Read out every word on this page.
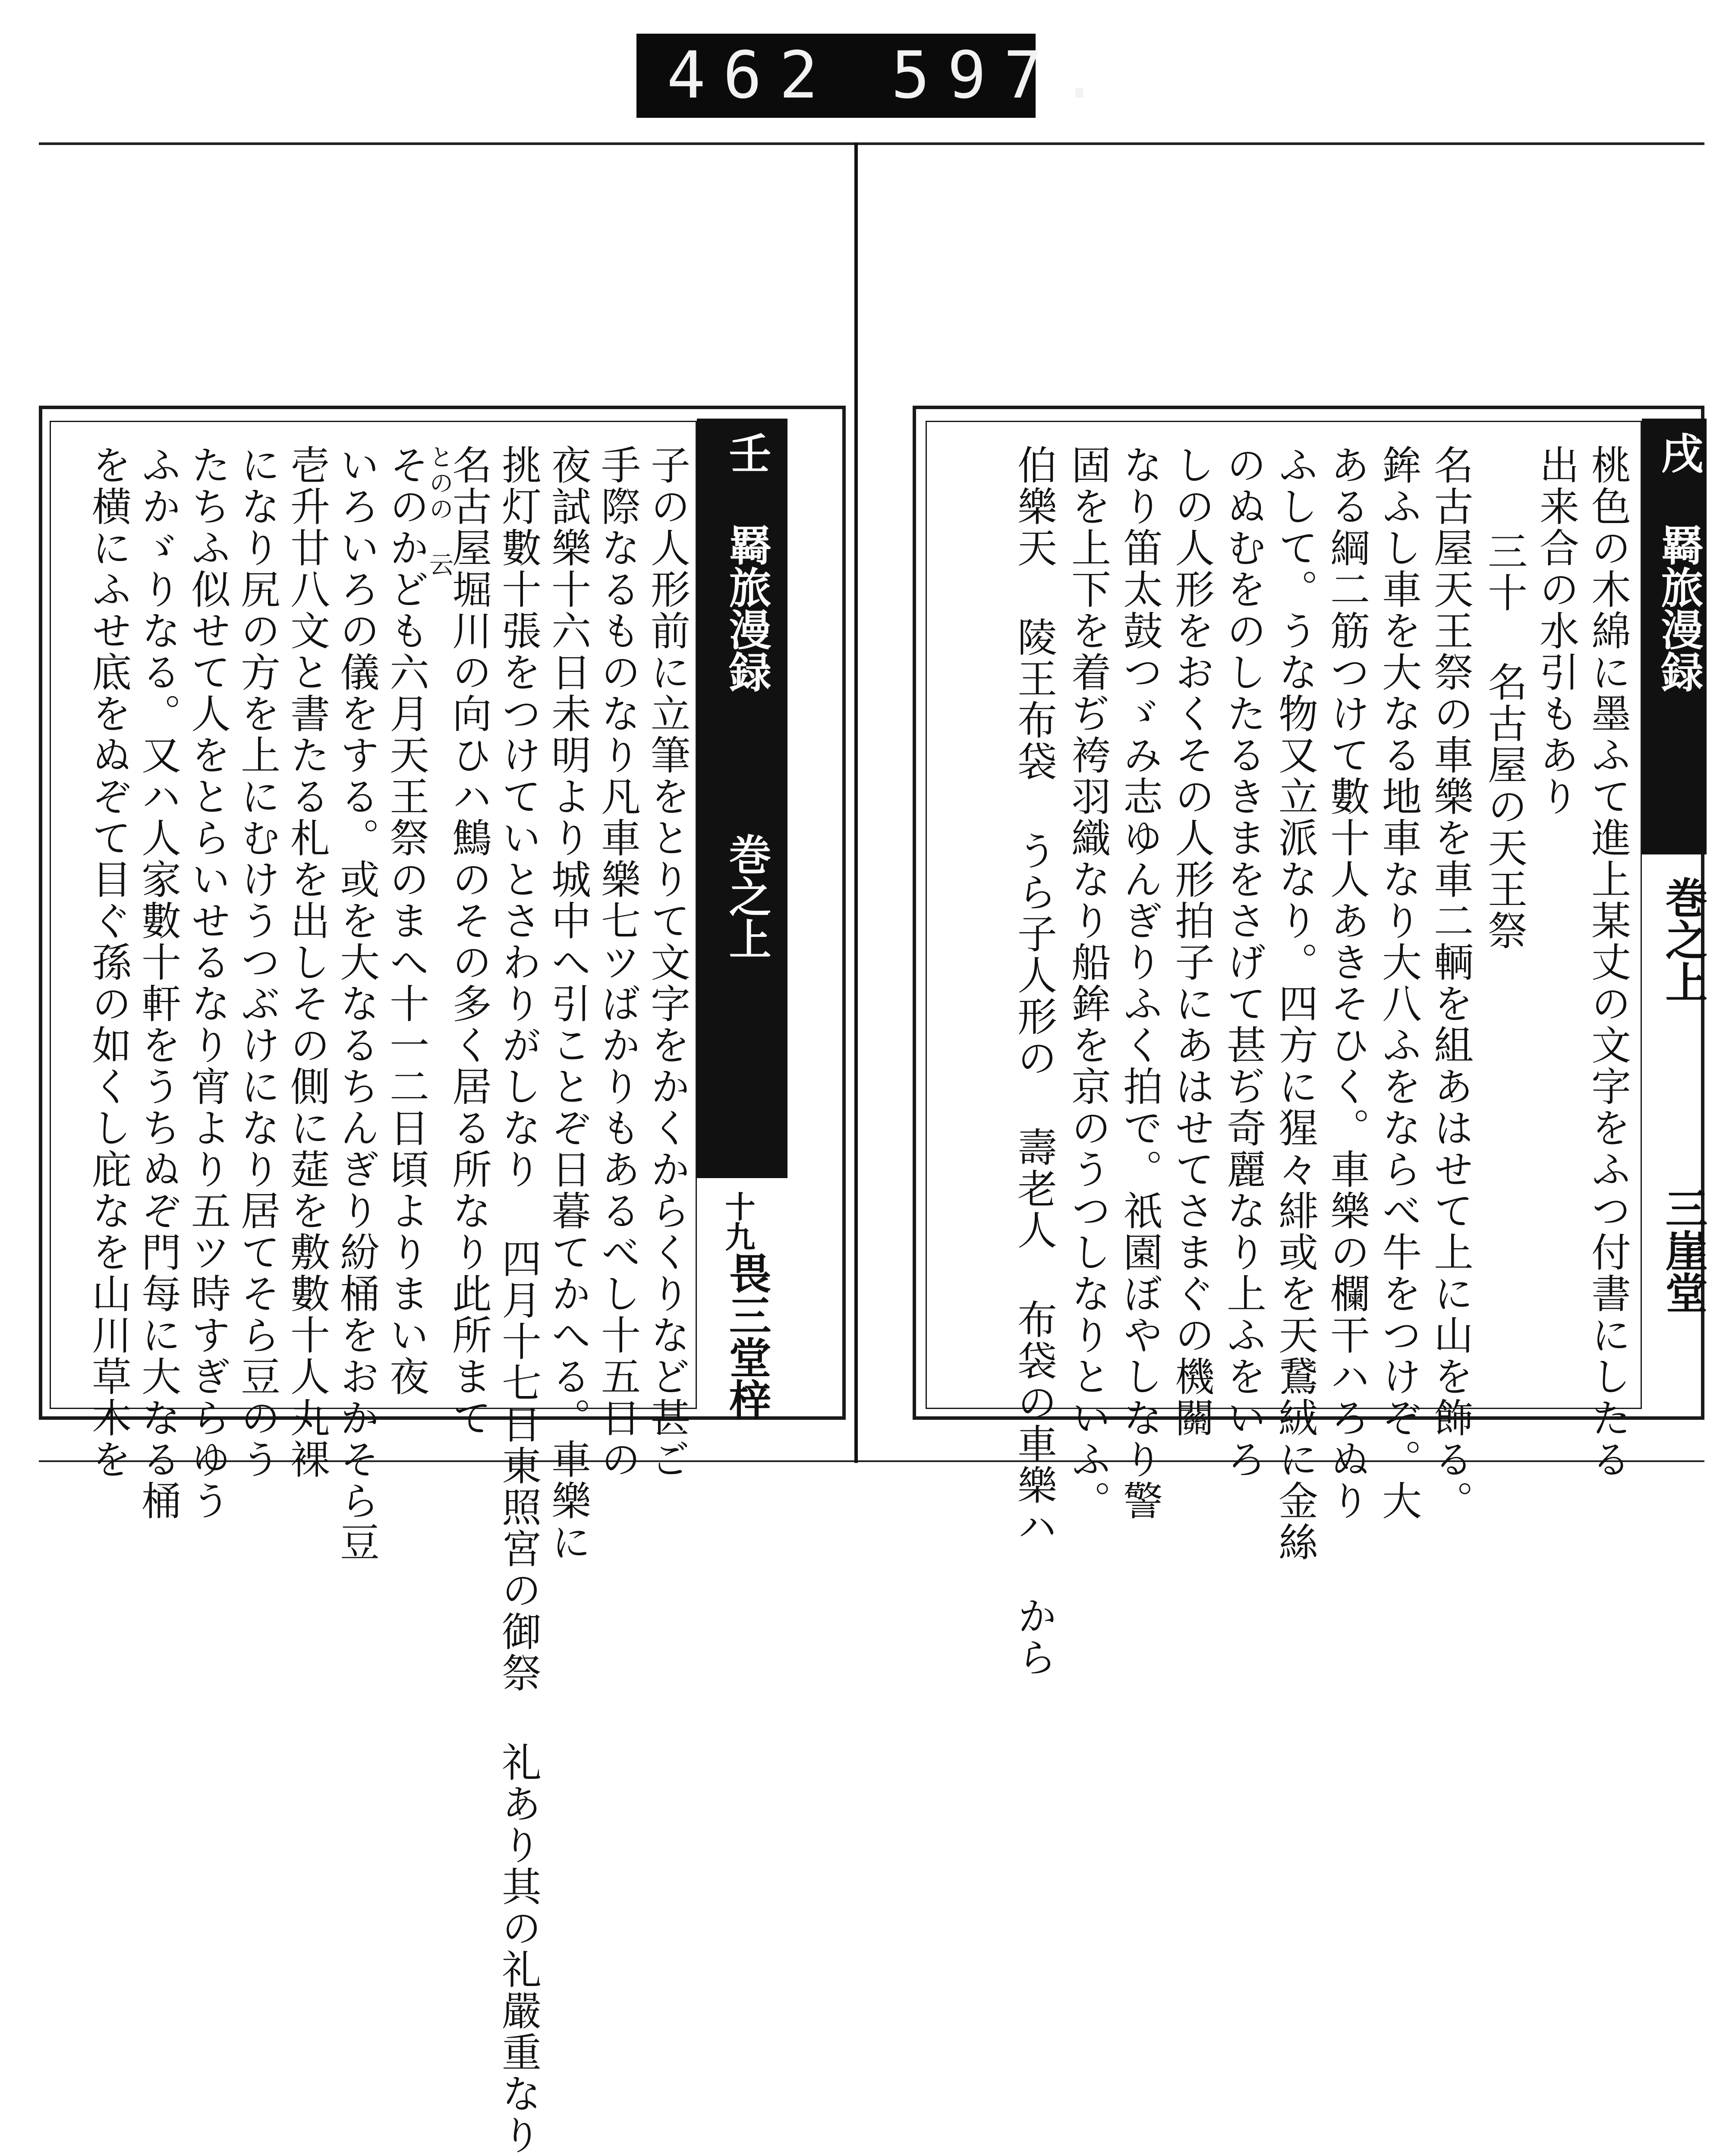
462 597.
壬 羇旅漫録
巻之上
十九
畏三堂梓
子の人形前に立筆をとりて文字をかくからくりなど甚ご
手際なるものなり凡車樂七ツばかりもあるべし十五日の
夜試樂十六日未明より城中へ引ことぞ日暮てかへる。車樂に
挑灯數十張をつけていとさわりがしなり 四月十七日東照宮の御祭 礼あり其の礼嚴重なり
名古屋堀川の向ひハ鷦のその多く居る所なり此所まて
とのの 云
そのかども六月天王祭のまへ十一二日頃よりまい夜
いろいろの儀をする。或を大なるちんぎり紛桶をおかそら豆
壱升廿八文と書たる札を出しその側に莚を敷數十人丸裸
になり尻の方を上にむけうつぶけになり居てそら豆のう
たちふ似せて人をとらいせるなり宵より五ツ時すぎらゆう
ふかゞりなる。又ハ人家數十軒をうちぬぞ門每に大なる桶
を横にふせ底をぬぞて目ぐ孫の如くし庇なを山川草木を	戌 羇旅漫録
巻之上
三崖堂
桃色の木綿に墨ふて進上某丈の文字をふつ付書にしたる
出来合の水引もあり
三十 名古屋の天王祭
名古屋天王祭の車樂を車二輌を組あはせて上に山を飾る。
鉾ふし車を大なる地車なり大八ふをならべ牛をつけぞ。大
ある綱二筋つけて數十人あきそひく。車樂の欄干ハろぬり
ふして。うな物又立派なり。四方に猩々緋或を天鵞絨に金絲
のぬむをのしたるきまをさげて甚ぢ奇麗なり上ふをいろ
しの人形をおくその人形拍子にあはせてさまぐの機關
なり笛太鼓つゞみ志ゆんぎりふく拍で。祇園ぼやしなり警
固を上下を着ぢ袴羽織なり船鉾を京のうつしなりといふ。
伯樂天 陵王布袋 うら子人形の 壽老人 布袋の車樂ハ から
